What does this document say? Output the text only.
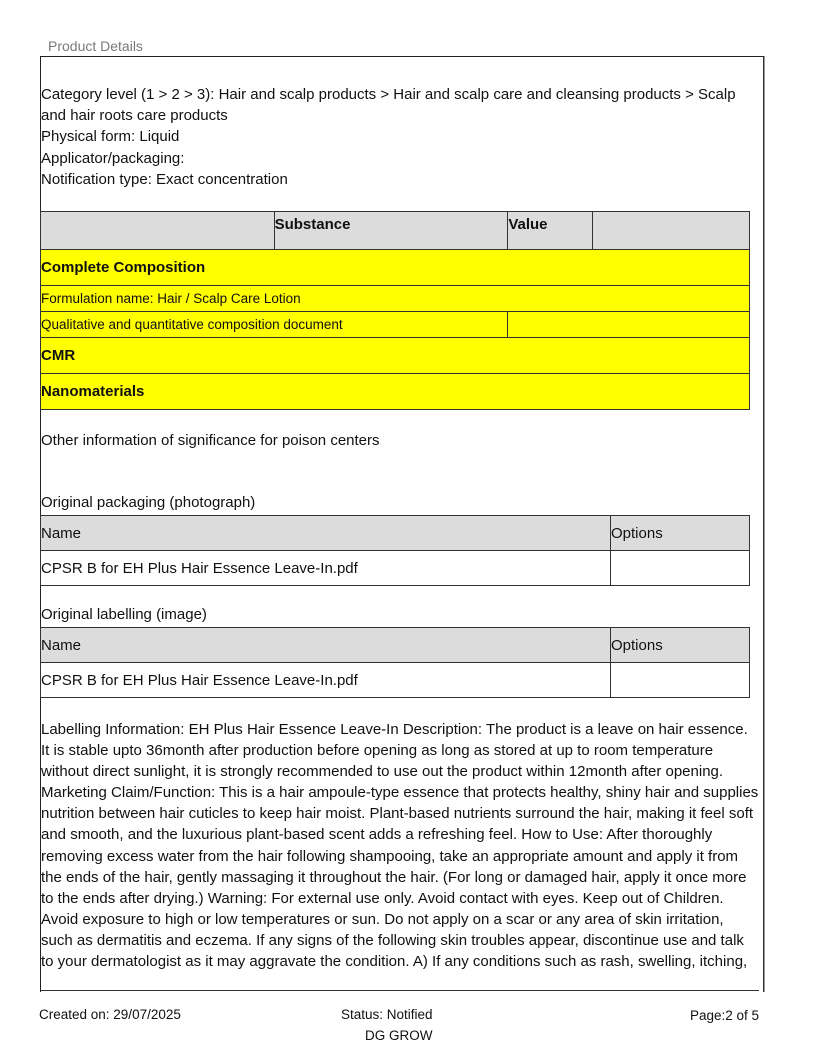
Product Details
Category level (1 > 2 > 3): Hair and scalp products > Hair and scalp care and cleansing products > Scalp and hair roots care products
Physical form: Liquid
Applicator/packaging:
Notification type: Exact concentration
	Substance	Value	
Complete Composition			
Formulation name: Hair / Scalp Care Lotion			
Qualitative and quantitative composition document			
CMR			
Nanomaterials			
Other information of significance for poison centers
Original packaging (photograph)
Name	Options
CPSR B for EH Plus Hair Essence Leave-In.pdf	
Original labelling (image)
Name	Options
CPSR B for EH Plus Hair Essence Leave-In.pdf	
Labelling Information: EH Plus Hair Essence Leave-In Description: The product is a leave on hair essence. It is stable upto 36month after production before opening as long as stored at up to room temperature without direct sunlight, it is strongly recommended to use out the product within 12month after opening. Marketing Claim/Function: This is a hair ampoule-type essence that protects healthy, shiny hair and supplies nutrition between hair cuticles to keep hair moist. Plant-based nutrients surround the hair, making it feel soft and smooth, and the luxurious plant-based scent adds a refreshing feel. How to Use: After thoroughly removing excess water from the hair following shampooing, take an appropriate amount and apply it from the ends of the hair, gently massaging it throughout the hair. (For long or damaged hair, apply it once more to the ends after drying.) Warning: For external use only. Avoid contact with eyes. Keep out of Children. Avoid exposure to high or low temperatures or sun. Do not apply on a scar or any area of skin irritation, such as dermatitis and eczema. If any signs of the following skin troubles appear, discontinue use and talk to your dermatologist as it may aggravate the condition. A) If any conditions such as rash, swelling, itching,
Created on: 29/07/2025	Status: Notified
DG GROW
Page:2 of 5
